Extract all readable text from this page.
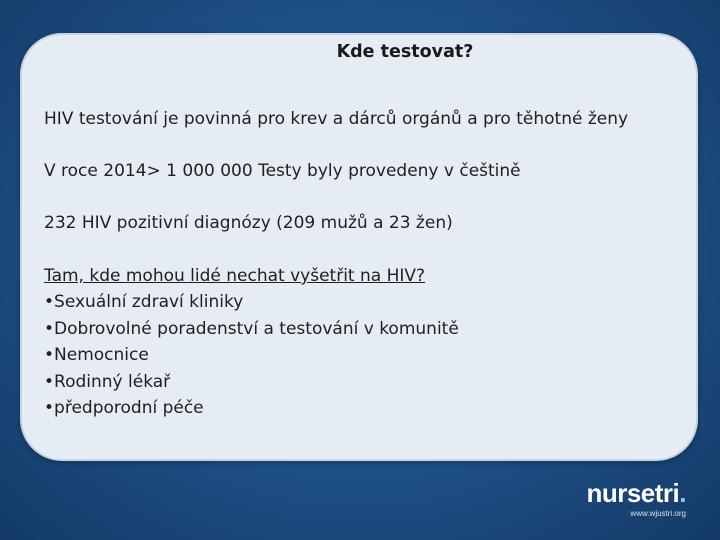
Kde testovat?
HIV testování je povinná pro krev a dárců orgánů a pro těhotné ženy
V roce 2014> 1 000 000 Testy byly provedeny v češtině
232 HIV pozitivní diagnózy (209 mužů a 23 žen)
Tam, kde mohou lidé nechat vyšetřit na HIV?
• Sexuální zdraví kliniky
• Dobrovolné poradenství a testování v komunitě
• Nemocnice
• Rodinný lékař
• předporodní péče
nursetri.
www.wjustri.org
